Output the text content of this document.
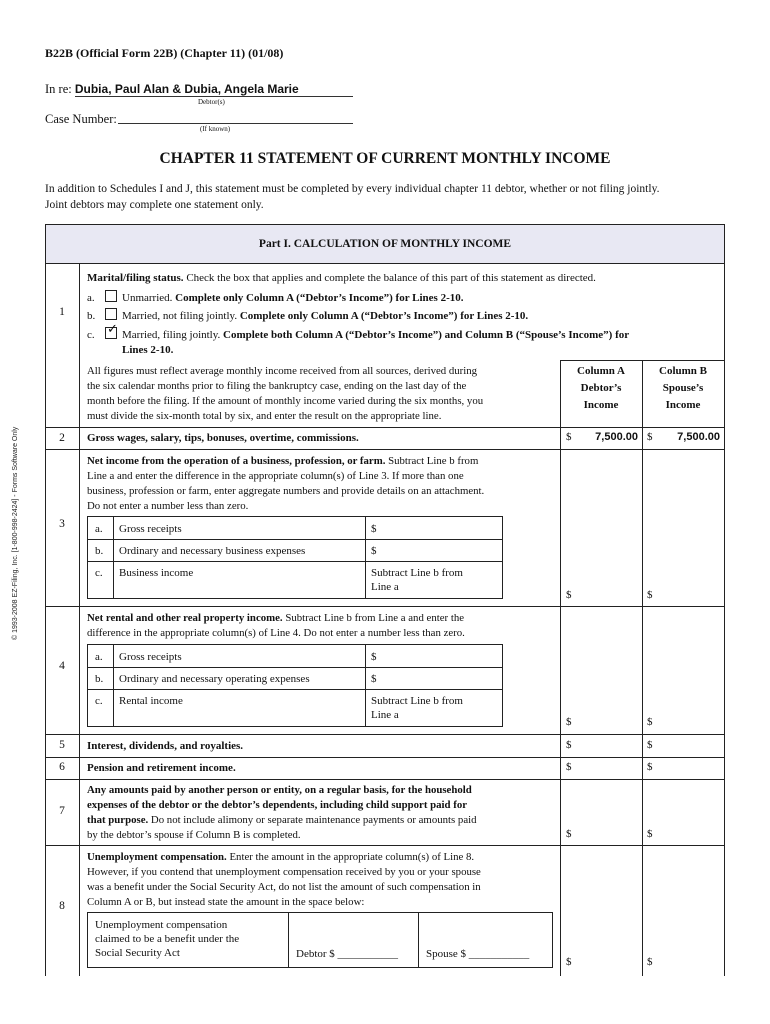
B22B (Official Form 22B) (Chapter 11) (01/08)
In re: Dubia, Paul Alan & Dubia, Angela Marie
Debtor(s)
Case Number:
(If known)
CHAPTER 11 STATEMENT OF CURRENT MONTHLY INCOME
In addition to Schedules I and J, this statement must be completed by every individual chapter 11 debtor, whether or not filing jointly.
Joint debtors may complete one statement only.
© 1993-2008 EZ-Filing, Inc. [1-800-998-2424] - Forms Software Only
Part I. CALCULATION OF MONTHLY INCOME
1
Marital/filing status. Check the box that applies and complete the balance of this part of this statement as directed.
a. Unmarried. Complete only Column A (“Debtor’s Income”) for Lines 2-10.
b. Married, not filing jointly. Complete only Column A (“Debtor’s Income”) for Lines 2-10.
c. ✓ Married, filing jointly. Complete both Column A (“Debtor’s Income”) and Column B (“Spouse’s Income”) for
Lines 2-10.
All figures must reflect average monthly income received from all sources, derived during
the six calendar months prior to filing the bankruptcy case, ending on the last day of the
month before the filing. If the amount of monthly income varied during the six months, you
must divide the six-month total by six, and enter the result on the appropriate line.
Column A
Debtor’s
Income
Column B
Spouse’s
Income
2	Gross wages, salary, tips, bonuses, overtime, commissions.	$	7,500.00 $	7,500.00
3
Net income from the operation of a business, profession, or farm. Subtract Line b from
Line a and enter the difference in the appropriate column(s) of Line 3. If more than one
business, profession or farm, enter aggregate numbers and provide details on an attachment.
Do not enter a number less than zero.
a. Gross receipts	$
b. Ordinary and necessary business expenses	$
c. Business income	Subtract Line b from
Line a
$	$
4
Net rental and other real property income. Subtract Line b from Line a and enter the
difference in the appropriate column(s) of Line 4. Do not enter a number less than zero.
a. Gross receipts	$
b. Ordinary and necessary operating expenses	$
c. Rental income	Subtract Line b from
Line a
$	$
5	Interest, dividends, and royalties.	$	$
6	Pension and retirement income.	$	$
7
Any amounts paid by another person or entity, on a regular basis, for the household
expenses of the debtor or the debtor’s dependents, including child support paid for
that purpose. Do not include alimony or separate maintenance payments or amounts paid
by the debtor’s spouse if Column B is completed.	$	$
8
Unemployment compensation. Enter the amount in the appropriate column(s) of Line 8.
However, if you contend that unemployment compensation received by you or your spouse
was a benefit under the Social Security Act, do not list the amount of such compensation in
Column A or B, but instead state the amount in the space below:
Unemployment compensation
claimed to be a benefit under the
Social Security Act	Debtor $ ___________	Spouse $ ___________
$	$
